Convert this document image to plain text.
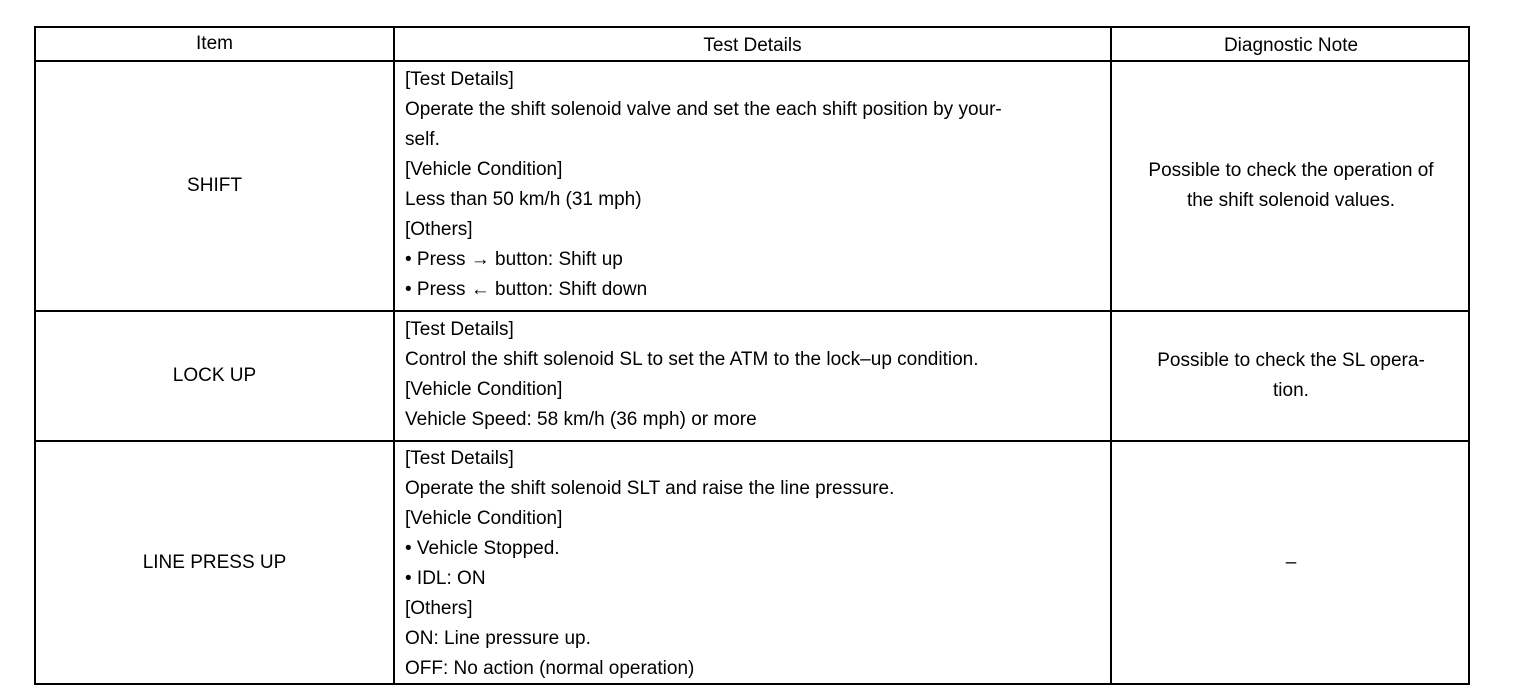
Item	Test Details	Diagnostic Note
SHIFT
[Test Details]
Operate the shift solenoid valve and set the each shift position by your-
self.
[Vehicle Condition]
Less than 50 km/h (31 mph)
[Others]
• Press → button: Shift up
• Press ← button: Shift down
Possible to check the operation of
the shift solenoid values.
LOCK UP
[Test Details]
Control the shift solenoid SL to set the ATM to the lock–up condition.
[Vehicle Condition]
Vehicle Speed: 58 km/h (36 mph) or more
Possible to check the SL opera-
tion.
LINE PRESS UP
[Test Details]
Operate the shift solenoid SLT and raise the line pressure.
[Vehicle Condition]
• Vehicle Stopped.
• IDL: ON
[Others]
ON: Line pressure up.
OFF: No action (normal operation)
–
